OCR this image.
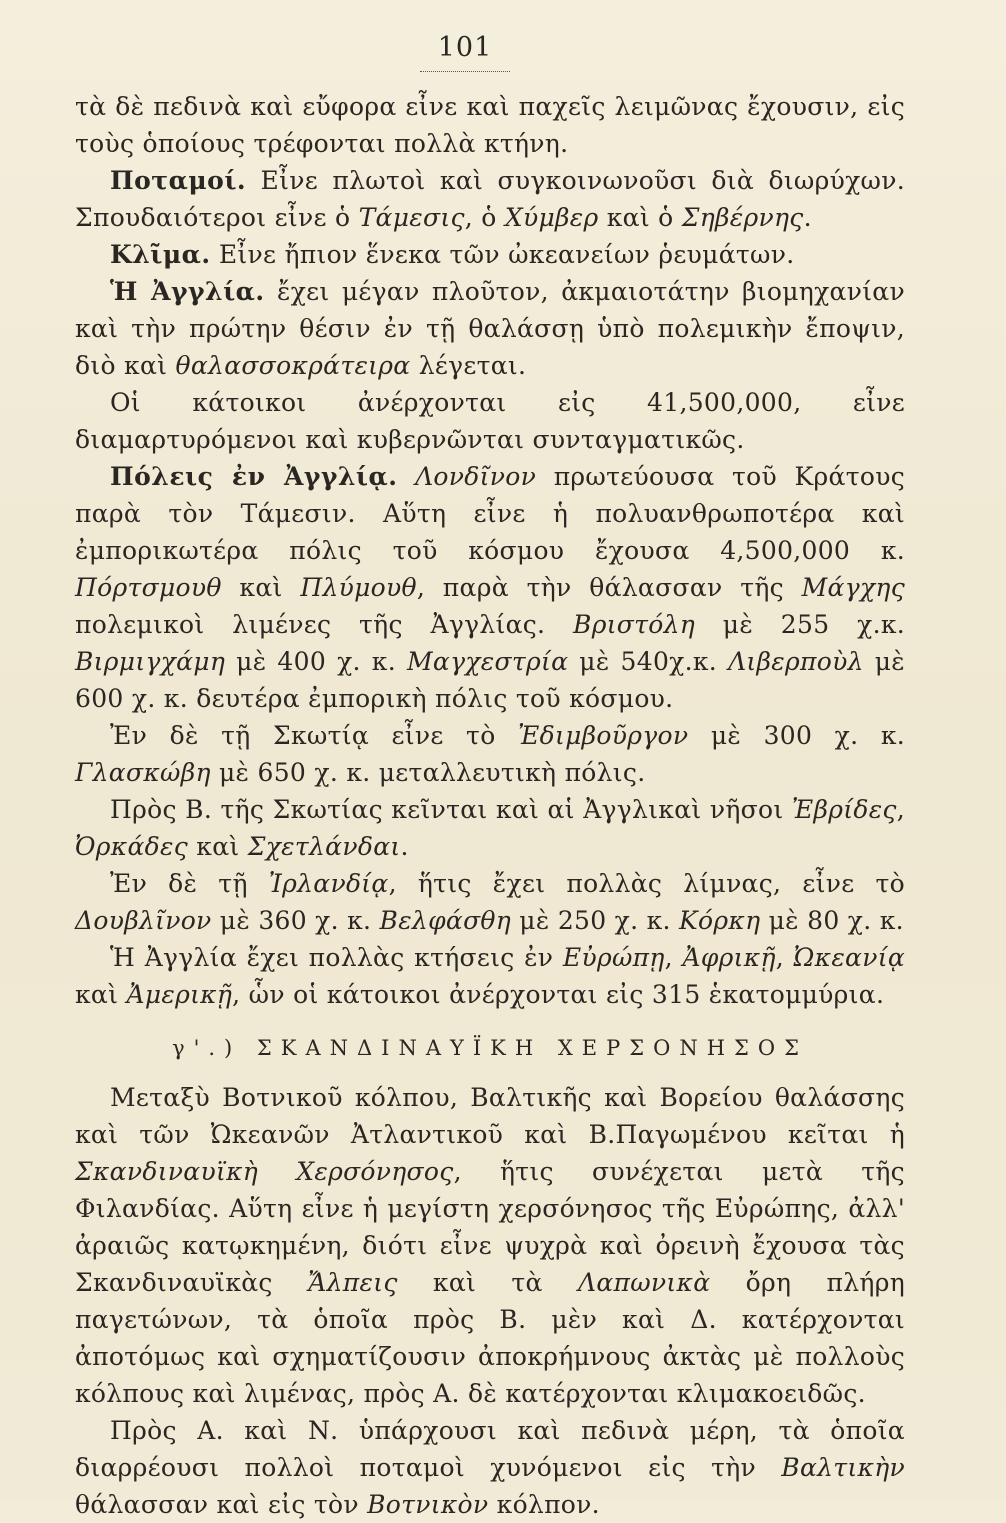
101

τὰ δὲ πεδινὰ καὶ εὔφορα εἶνε καὶ παχεῖς λειμῶνας ἔχουσιν, εἰς τοὺς ὁποίους τρέφονται πολλὰ κτήνη.

Ποταμοί. Εἶνε πλωτοὶ καὶ συγκοινωνοῦσι διὰ διωρύχων. Σπουδαιότεροι εἶνε ὁ Τάμεσις, ὁ Χύμβερ καὶ ὁ Σηβέρνης.

Κλῖμα. Εἶνε ἤπιον ἕνεκα τῶν ὠκεανείων ῥευμάτων.

Ἡ Ἀγγλία. ἔχει μέγαν πλοῦτον, ἀκμαιοτάτην βιομηχανίαν καὶ τὴν πρώτην θέσιν ἐν τῇ θαλάσσῃ ὑπὸ πολεμικὴν ἔποψιν, διὸ καὶ θαλασσοκράτειρα λέγεται.

Οἱ κάτοικοι ἀνέρχονται εἰς 41,500,000, εἶνε διαμαρτυρόμενοι καὶ κυβερνῶνται συνταγματικῶς.

Πόλεις ἐν Ἀγγλίᾳ. Λονδῖνον πρωτεύουσα τοῦ Κράτους παρὰ τὸν Τάμεσιν. Αὕτη εἶνε ἡ πολυανθρωποτέρα καὶ ἐμπορικωτέρα πόλις τοῦ κόσμου ἔχουσα 4,500,000 κ. Πόρτσμουθ καὶ Πλύμουθ, παρὰ τὴν θάλασσαν τῆς Μάγχης πολεμικοὶ λιμένες τῆς Ἀγγλίας. Βριστόλη μὲ 255 χ.κ. Βιρμιγχάμη μὲ 400 χ. κ. Μαγχεστρία μὲ 540χ.κ. Λιβερποὺλ μὲ 600 χ. κ. δευτέρα ἐμπορικὴ πόλις τοῦ κόσμου.

Ἐν δὲ τῇ Σκωτίᾳ εἶνε τὸ Ἐδιμβοῦργον μὲ 300 χ. κ. Γλασκώβη μὲ 650 χ. κ. μεταλλευτικὴ πόλις.

Πρὸς Β. τῆς Σκωτίας κεῖνται καὶ αἱ Ἀγγλικαὶ νῆσοι Ἐβρίδες, Ὀρκάδες καὶ Σχετλάνδαι.

Ἐν δὲ τῇ Ἰρλανδίᾳ, ἥτις ἔχει πολλὰς λίμνας, εἶνε τὸ Δουβλῖνον μὲ 360 χ. κ. Βελφάσθη μὲ 250 χ. κ. Κόρκη μὲ 80 χ. κ.

Ἡ Ἀγγλία ἔχει πολλὰς κτήσεις ἐν Εὐρώπῃ, Ἀφρικῇ, Ὠκεανίᾳ καὶ Ἀμερικῇ, ὧν οἱ κάτοικοι ἀνέρχονται εἰς 315 ἑκατομμύρια.

γ'.) ΣΚΑΝΔΙΝΑΥΪΚΗ ΧΕΡΣΟΝΗΣΟΣ

Μεταξὺ Βοτνικοῦ κόλπου, Βαλτικῆς καὶ Βορείου θαλάσσης καὶ τῶν Ὠκεανῶν Ἀτλαντικοῦ καὶ Β.Παγωμένου κεῖται ἡ Σκανδιναυϊκὴ Χερσόνησος, ἥτις συνέχεται μετὰ τῆς Φιλανδίας. Αὕτη εἶνε ἡ μεγίστη χερσόνησος τῆς Εὐρώπης, ἀλλ' ἀραιῶς κατῳκημένη, διότι εἶνε ψυχρὰ καὶ ὀρεινὴ ἔχουσα τὰς Σκανδιναυϊκὰς Ἄλπεις καὶ τὰ Λαπωνικὰ ὄρη πλήρη παγετώνων, τὰ ὁποῖα πρὸς Β. μὲν καὶ Δ. κατέρχονται ἀποτόμως καὶ σχηματίζουσιν ἀποκρήμνους ἀκτὰς μὲ πολλοὺς κόλπους καὶ λιμένας, πρὸς Α. δὲ κατέρχονται κλιμακοειδῶς.

Πρὸς Α. καὶ Ν. ὑπάρχουσι καὶ πεδινὰ μέρη, τὰ ὁποῖα διαρρέουσι πολλοὶ ποταμοὶ χυνόμενοι εἰς τὴν Βαλτικὴν θάλασσαν καὶ εἰς τὸν Βοτνικὸν κόλπον.
